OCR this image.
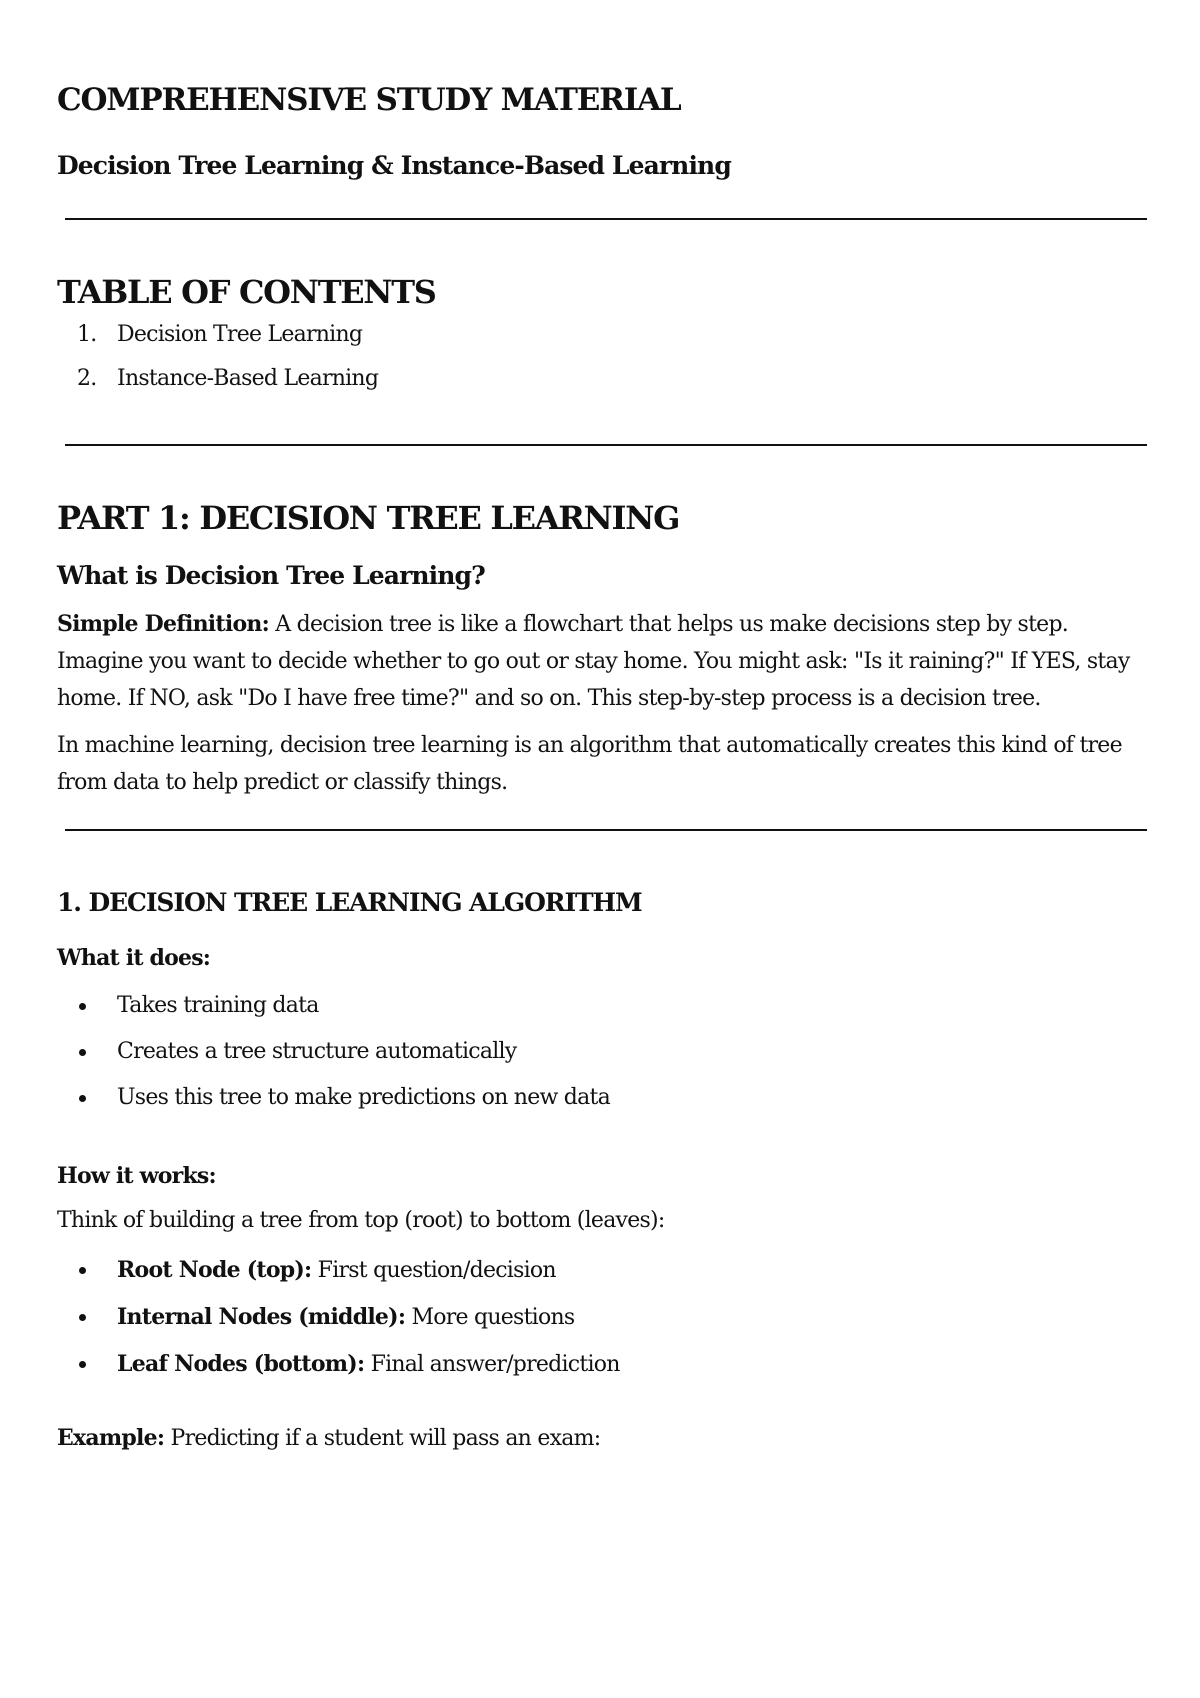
COMPREHENSIVE STUDY MATERIAL
Decision Tree Learning & Instance-Based Learning
TABLE OF CONTENTS
1. Decision Tree Learning
2. Instance-Based Learning
PART 1: DECISION TREE LEARNING
What is Decision Tree Learning?

Simple Definition: A decision tree is like a flowchart that helps us make decisions step by step. Imagine you want to decide whether to go out or stay home. You might ask: "Is it raining?" If YES, stay home. If NO, ask "Do I have free time?" and so on. This step-by-step process is a decision tree.

In machine learning, decision tree learning is an algorithm that automatically creates this kind of tree from data to help predict or classify things.

1. DECISION TREE LEARNING ALGORITHM
What it does:
Takes training data
Creates a tree structure automatically
Uses this tree to make predictions on new data
How it works:

Think of building a tree from top (root) to bottom (leaves):

Root Node (top): First question/decision
Internal Nodes (middle): More questions
Leaf Nodes (bottom): Final answer/prediction

Example: Predicting if a student will pass an exam:
